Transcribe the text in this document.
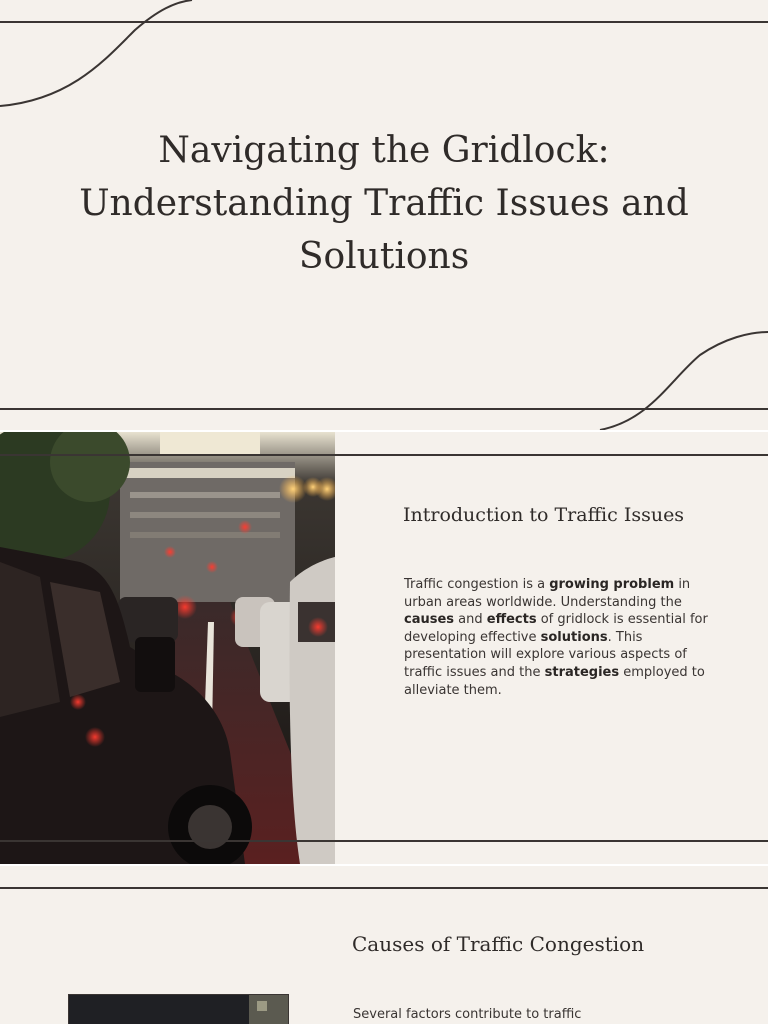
Navigating the Gridlock: Understanding Traffic Issues and Solutions
Introduction to Traffic Issues

Traffic congestion is a growing problem in urban areas worldwide. Understanding the causes and effects of gridlock is essential for developing effective solutions. This presentation will explore various aspects of traffic issues and the strategies employed to alleviate them.

Causes of Traffic Congestion

Several factors contribute to traffic
